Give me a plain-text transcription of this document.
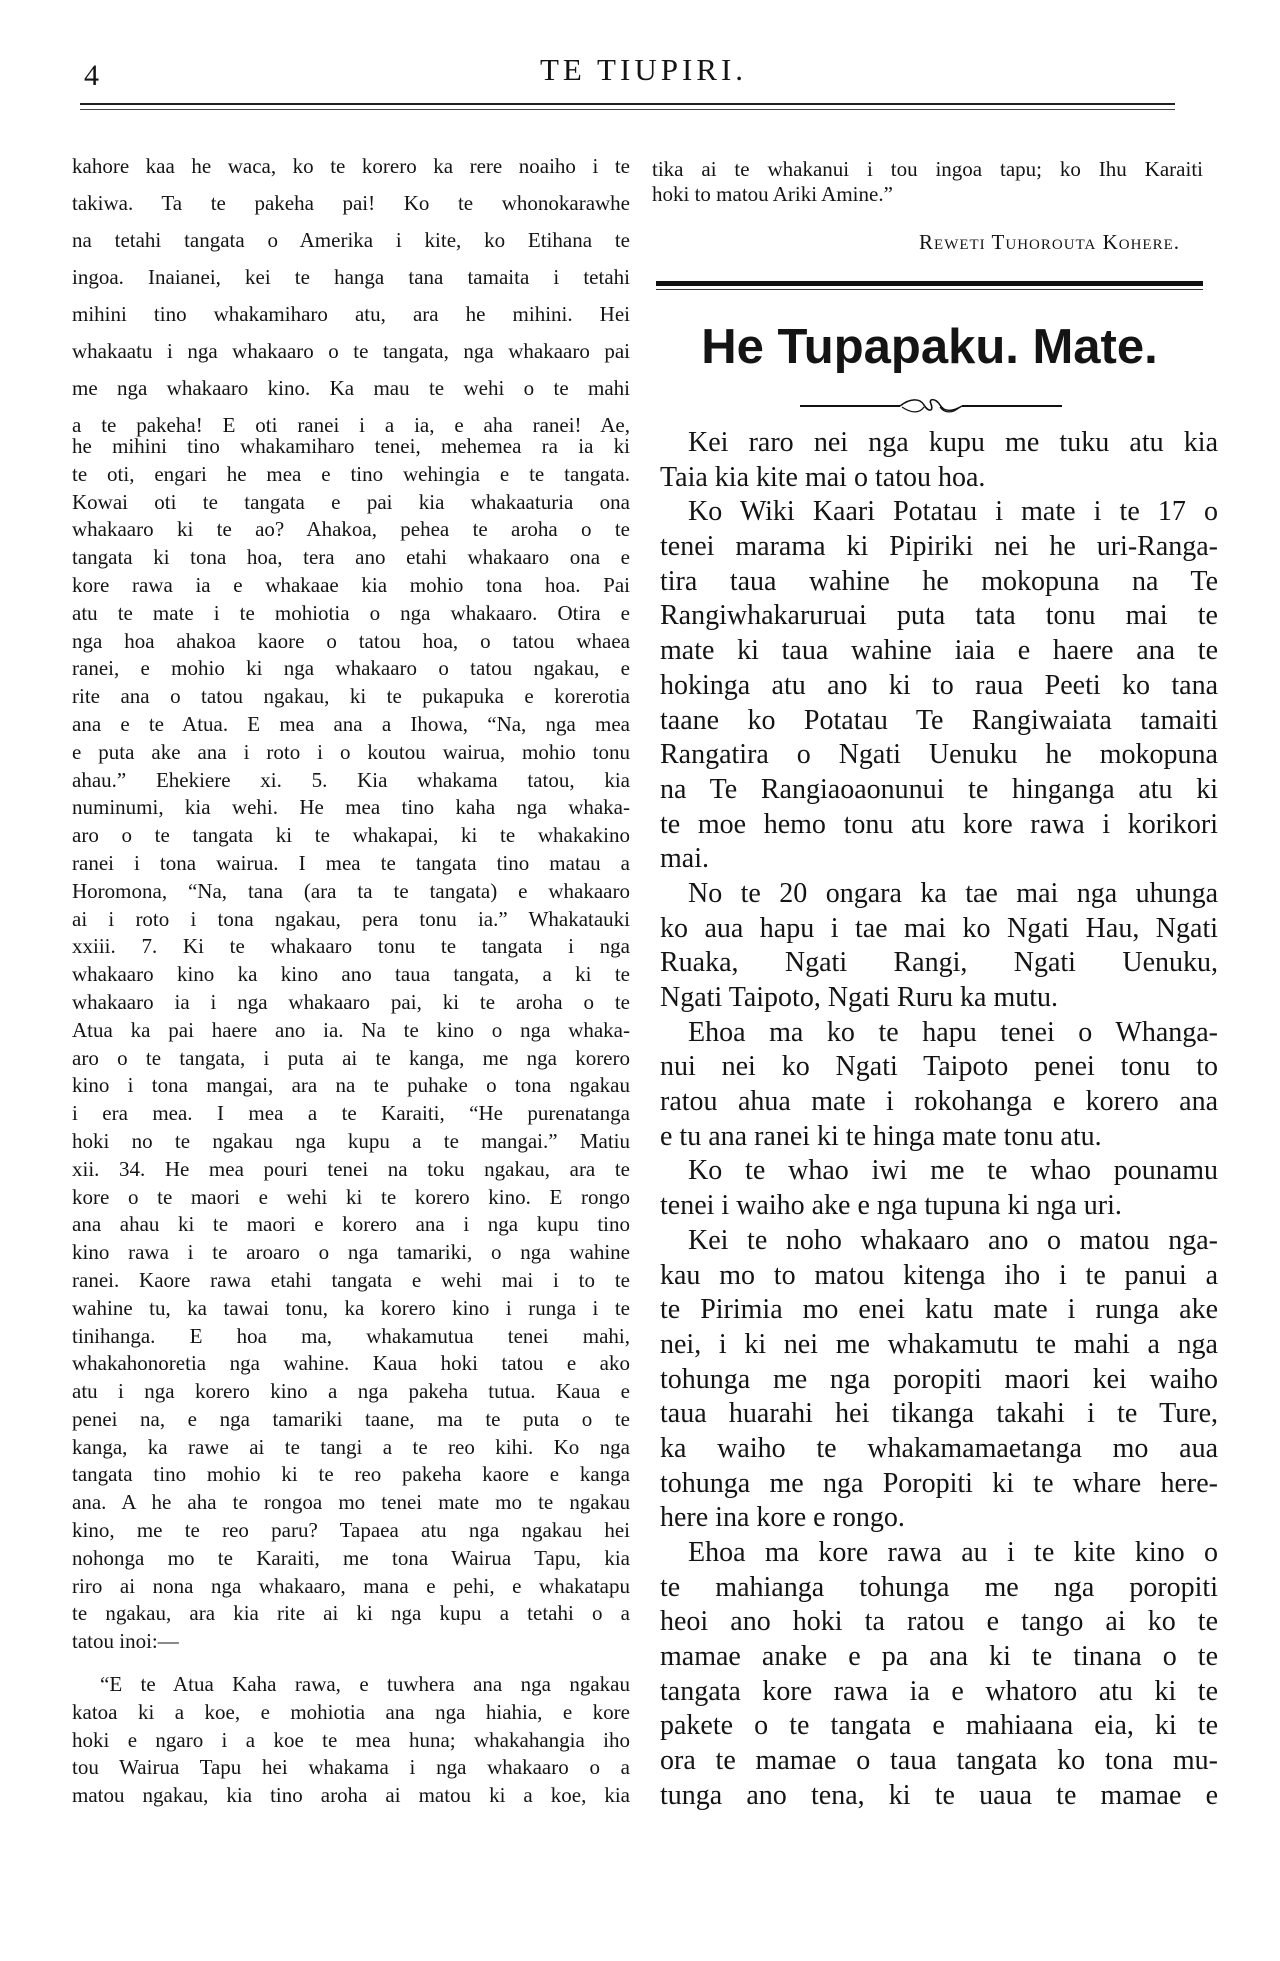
4	TE TIUPIRI.
kahore kaa he waca, ko te korero ka rere noaiho i te
takiwa. Ta te pakeha pai! Ko te whonokarawhe
na tetahi tangata o Amerika i kite, ko Etihana te
ingoa. Inaianei, kei te hanga tana tamaita i tetahi
mihini tino whakamiharo atu, ara he mihini. Hei
whakaatu i nga whakaaro o te tangata, nga whakaaro pai
me nga whakaaro kino. Ka mau te wehi o te mahi
a te pakeha! E oti ranei i a ia, e aha ranei! Ae,
he mihini tino whakamiharo tenei, mehemea ra ia ki
te oti, engari he mea e tino wehingia e te tangata.
Kowai oti te tangata e pai kia whakaaturia ona
whakaaro ki te ao? Ahakoa, pehea te aroha o te
tangata ki tona hoa, tera ano etahi whakaaro ona e
kore rawa ia e whakaae kia mohio tona hoa. Pai
atu te mate i te mohiotia o nga whakaaro. Otira e
nga hoa ahakoa kaore o tatou hoa, o tatou whaea
ranei, e mohio ki nga whakaaro o tatou ngakau, e
rite ana o tatou ngakau, ki te pukapuka e korerotia
ana e te Atua. E mea ana a Ihowa, “Na, nga mea
e puta ake ana i roto i o koutou wairua, mohio tonu
ahau.” Ehekiere xi. 5. Kia whakama tatou, kia
numinumi, kia wehi. He mea tino kaha nga whaka-
aro o te tangata ki te whakapai, ki te whakakino
ranei i tona wairua. I mea te tangata tino matau a
Horomona, “Na, tana (ara ta te tangata) e whakaaro
ai i roto i tona ngakau, pera tonu ia.” Whakatauki
xxiii. 7. Ki te whakaaro tonu te tangata i nga
whakaaro kino ka kino ano taua tangata, a ki te
whakaaro ia i nga whakaaro pai, ki te aroha o te
Atua ka pai haere ano ia. Na te kino o nga whaka-
aro o te tangata, i puta ai te kanga, me nga korero
kino i tona mangai, ara na te puhake o tona ngakau
i era mea. I mea a te Karaiti, “He purenatanga
hoki no te ngakau nga kupu a te mangai.” Matiu
xii. 34. He mea pouri tenei na toku ngakau, ara te
kore o te maori e wehi ki te korero kino. E rongo
ana ahau ki te maori e korero ana i nga kupu tino
kino rawa i te aroaro o nga tamariki, o nga wahine
ranei. Kaore rawa etahi tangata e wehi mai i to te
wahine tu, ka tawai tonu, ka korero kino i runga i te
tinihanga. E hoa ma, whakamutua tenei mahi,
whakahonoretia nga wahine. Kaua hoki tatou e ako
atu i nga korero kino a nga pakeha tutua. Kaua e
penei na, e nga tamariki taane, ma te puta o te
kanga, ka rawe ai te tangi a te reo kihi. Ko nga
tangata tino mohio ki te reo pakeha kaore e kanga
ana. A he aha te rongoa mo tenei mate mo te ngakau
kino, me te reo paru? Tapaea atu nga ngakau hei
nohonga mo te Karaiti, me tona Wairua Tapu, kia
riro ai nona nga whakaaro, mana e pehi, e whakatapu
te ngakau, ara kia rite ai ki nga kupu a tetahi o a
tatou inoi:—
“E te Atua Kaha rawa, e tuwhera ana nga ngakau
katoa ki a koe, e mohiotia ana nga hiahia, e kore
hoki e ngaro i a koe te mea huna; whakahangia iho
tou Wairua Tapu hei whakama i nga whakaaro o a
matou ngakau, kia tino aroha ai matou ki a koe, kia
tika ai te whakanui i tou ingoa tapu; ko Ihu Karaiti
hoki to matou Ariki Amine.”
Reweti Tuhorouta Kohere.
He Tupapaku. Mate.
Kei raro nei nga kupu me tuku atu kia
Taia kia kite mai o tatou hoa.
Ko Wiki Kaari Potatau i mate i te 17 o
tenei marama ki Pipiriki nei he uri-Ranga-
tira taua wahine he mokopuna na Te
Rangiwhakaruruai puta tata tonu mai te
mate ki taua wahine iaia e haere ana te
hokinga atu ano ki to raua Peeti ko tana
taane ko Potatau Te Rangiwaiata tamaiti
Rangatira o Ngati Uenuku he mokopuna
na Te Rangiaoaonunui te hinganga atu ki
te moe hemo tonu atu kore rawa i korikori
mai.
No te 20 ongara ka tae mai nga uhunga
ko aua hapu i tae mai ko Ngati Hau, Ngati
Ruaka, Ngati Rangi, Ngati Uenuku,
Ngati Taipoto, Ngati Ruru ka mutu.
Ehoa ma ko te hapu tenei o Whanga-
nui nei ko Ngati Taipoto penei tonu to
ratou ahua mate i rokohanga e korero ana
e tu ana ranei ki te hinga mate tonu atu.
Ko te whao iwi me te whao pounamu
tenei i waiho ake e nga tupuna ki nga uri.
Kei te noho whakaaro ano o matou nga-
kau mo to matou kitenga iho i te panui a
te Pirimia mo enei katu mate i runga ake
nei, i ki nei me whakamutu te mahi a nga
tohunga me nga poropiti maori kei waiho
taua huarahi hei tikanga takahi i te Ture,
ka waiho te whakamamaetanga mo aua
tohunga me nga Poropiti ki te whare here-
here ina kore e rongo.
Ehoa ma kore rawa au i te kite kino o
te mahianga tohunga me nga poropiti
heoi ano hoki ta ratou e tango ai ko te
mamae anake e pa ana ki te tinana o te
tangata kore rawa ia e whatoro atu ki te
pakete o te tangata e mahiaana eia, ki te
ora te mamae o taua tangata ko tona mu-
tunga ano tena, ki te uaua te mamae e
